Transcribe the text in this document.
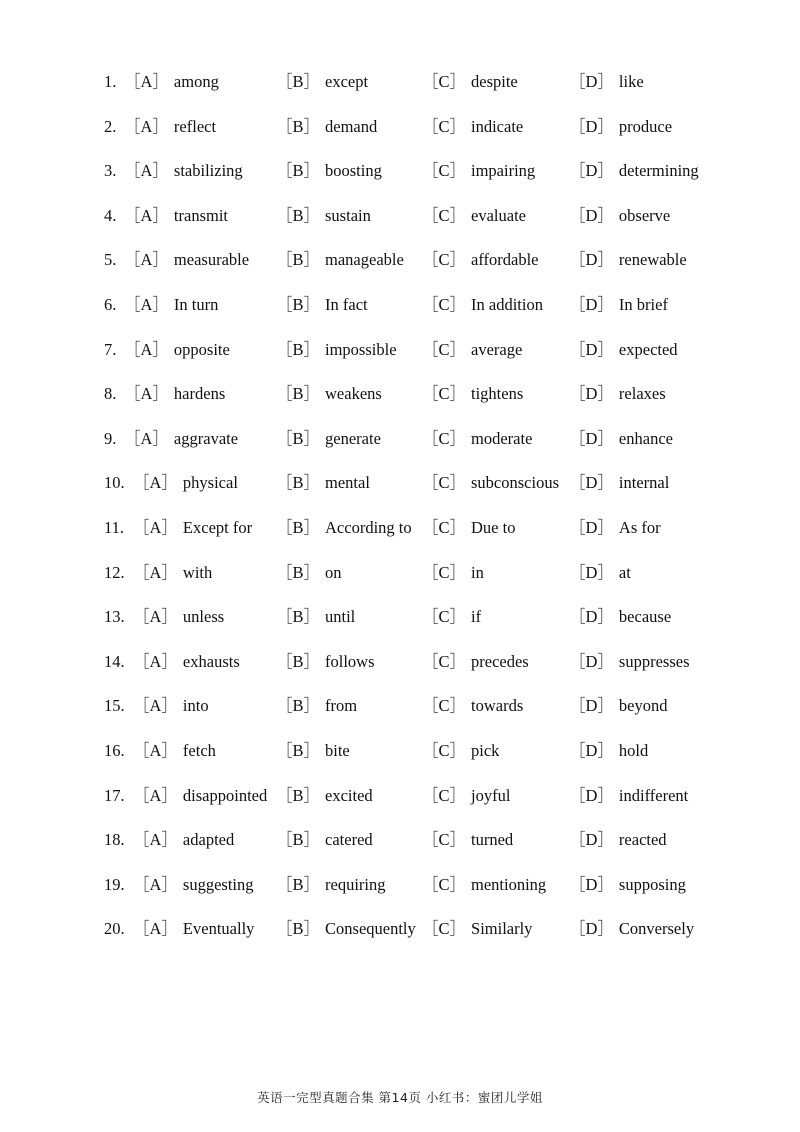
1. ［A］ among	［B］ except	［C］ despite	［D］ like
2. ［A］ reflect	［B］ demand	［C］ indicate	［D］ produce
3. ［A］ stabilizing ［B］ boosting ［C］ impairing ［D］ determining
4. ［A］ transmit	［B］ sustain	［C］ evaluate	［D］ observe
5. ［A］ measurable ［B］ manageable ［C］ affordable ［D］ renewable
6. ［A］ In turn	［B］ In fact	［C］ In addition ［D］ In brief
7. ［A］ opposite	［B］ impossible ［C］ average	［D］ expected
8. ［A］ hardens	［B］ weakens ［C］ tightens	［D］ relaxes
9. ［A］ aggravate ［B］ generate ［C］ moderate ［D］ enhance
10. ［A］ physical ［B］ mental	［C］ subconscious ［D］ internal
11. ［A］ Except for ［B］ According to ［C］ Due to	［D］ As for
12. ［A］ with	［B］ on	［C］ in	［D］ at
13. ［A］ unless	［B］ until	［C］ if	［D］ because
14. ［A］ exhausts ［B］ follows	［C］ precedes ［D］ suppresses
15. ［A］ into	［B］ from	［C］ towards	［D］ beyond
16. ［A］ fetch	［B］ bite	［C］ pick	［D］ hold
17. ［A］ disappointed ［B］ excited	［C］ joyful	［D］ indifferent
18. ［A］ adapted	［B］ catered	［C］ turned	［D］ reacted
19. ［A］ suggesting ［B］ requiring ［C］ mentioning ［D］ supposing
20. ［A］ Eventually ［B］ Consequently ［C］ Similarly ［D］ Conversely
英语一完型真题合集 第14页 小红书：蜜团儿学姐
